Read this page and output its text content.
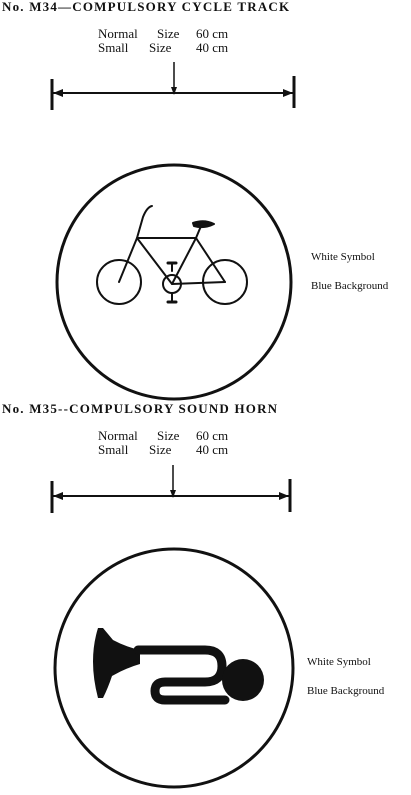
No. M34—COMPULSORY CYCLE TRACK
Normal Size 60 cm
Small Size 40 cm
White Symbol
Blue Background
No. M35--COMPULSORY SOUND HORN
Normal Size 60 cm
Small Size 40 cm
White Symbol
Blue Background
